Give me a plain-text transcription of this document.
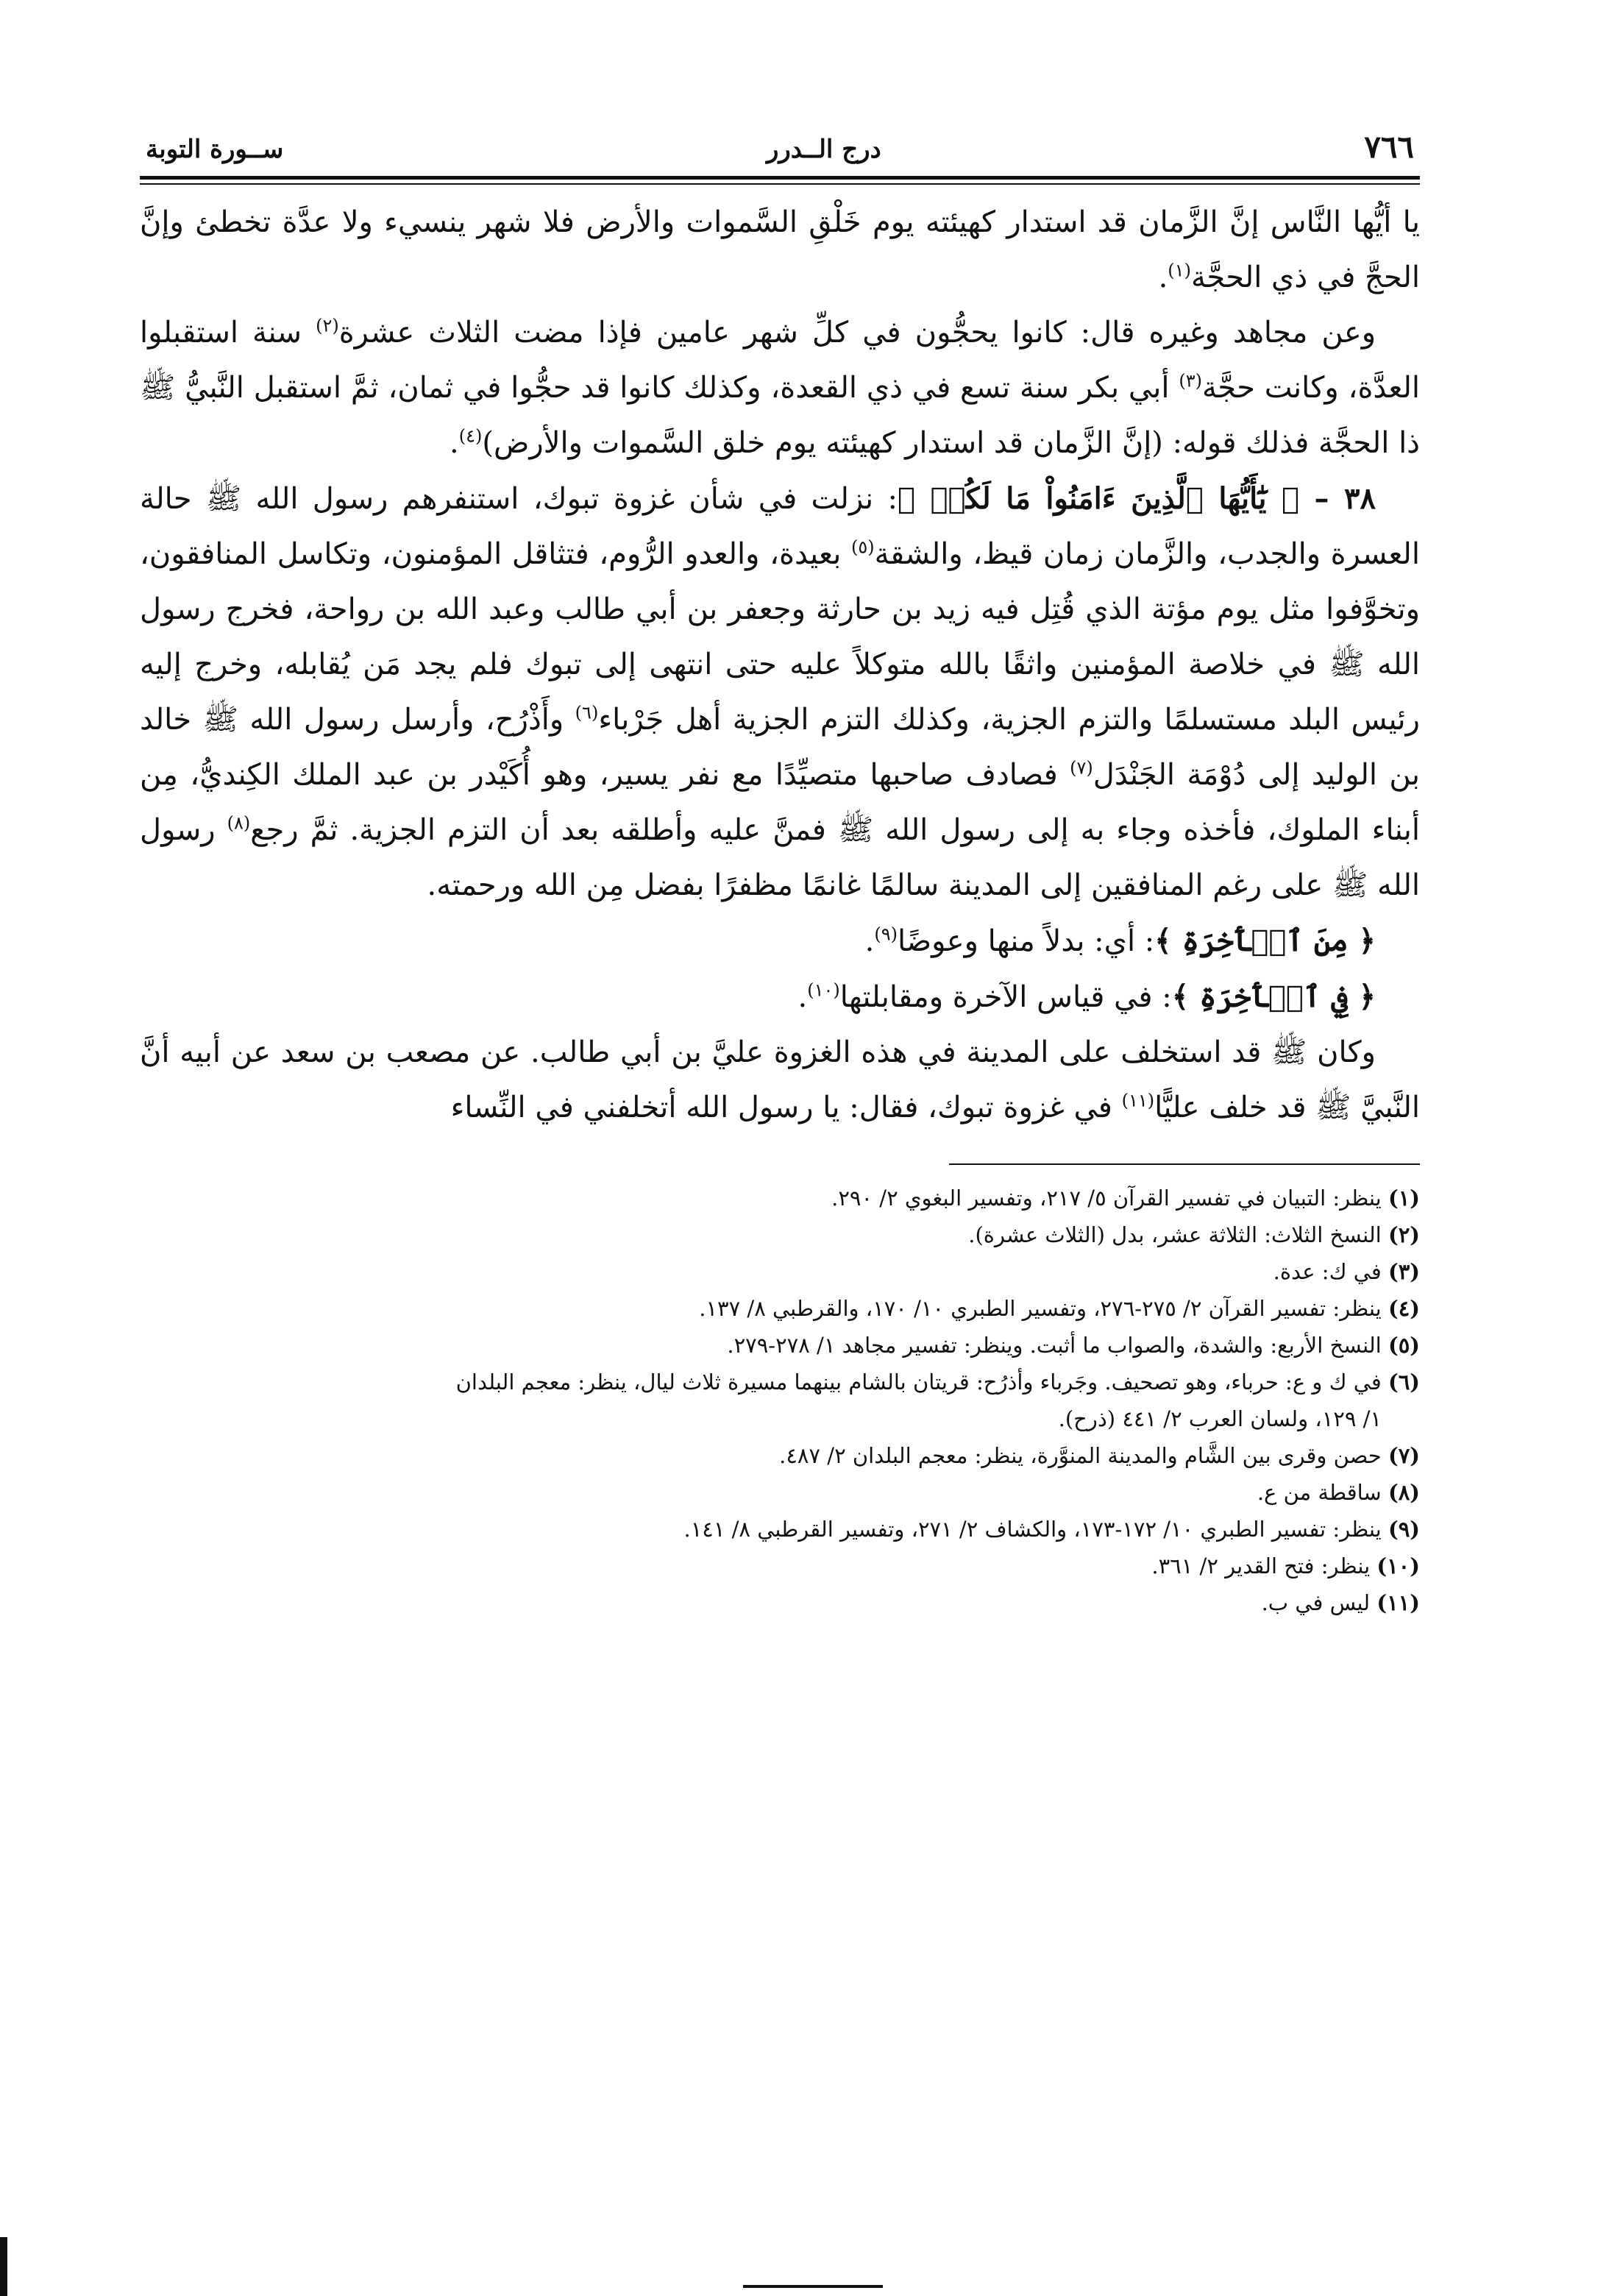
٧٦٦
درج الــدرر
ســورة التوبة

يا أيُّها النَّاس إنَّ الزَّمان قد استدار كهيئته يوم خَلْقِ السَّموات والأرض فلا شهر ينسيء ولا عدَّة تخطئ وإنَّ الحجَّ في ذي الحجَّة$^{(١)}$.

وعن مجاهد وغيره قال: كانوا يحجُّون في كلِّ شهر عامين فإذا مضت الثلاث عشرة$^{(٢)}$ سنة استقبلوا العدَّة، وكانت حجَّة$^{(٣)}$ أبي بكر سنة تسع في ذي القعدة، وكذلك كانوا قد حجُّوا في ثمان، ثمَّ استقبل النَّبيُّ ﷺ ذا الحجَّة فذلك قوله: (إنَّ الزَّمان قد استدار كهيئته يوم خلق السَّموات والأرض)$^{(٤)}$.

٣٨ – ﴿ يَٰٓأَيُّهَا ٱلَّذِينَ ءَامَنُواْ مَا لَكُمۡ ﴾: نزلت في شأن غزوة تبوك، استنفرهم رسول الله ﷺ حالة العسرة والجدب، والزَّمان زمان قيظ، والشقة$^{(٥)}$ بعيدة، والعدو الرُّوم، فتثاقل المؤمنون، وتكاسل المنافقون، وتخوَّفوا مثل يوم مؤتة الذي قُتِل فيه زيد بن حارثة وجعفر بن أبي طالب وعبد الله بن رواحة، فخرج رسول الله ﷺ في خلاصة المؤمنين واثقًا بالله متوكلاً عليه حتى انتهى إلى تبوك فلم يجد مَن يُقابله، وخرج إليه رئيس البلد مستسلمًا والتزم الجزية، وكذلك التزم الجزية أهل جَرْباء$^{(٦)}$ وأَذْرُح، وأرسل رسول الله ﷺ خالد بن الوليد إلى دُوْمَة الجَنْدَل$^{(٧)}$ فصادف صاحبها متصيِّدًا مع نفر يسير، وهو أُكَيْدر بن عبد الملك الكِنديُّ، مِن أبناء الملوك، فأخذه وجاء به إلى رسول الله ﷺ فمنَّ عليه وأطلقه بعد أن التزم الجزية. ثمَّ رجع$^{(٨)}$ رسول الله ﷺ على رغم المنافقين إلى المدينة سالمًا غانمًا مظفرًا بفضل مِن الله ورحمته.

﴿ مِنَ ٱلۡأٓخِرَةِ ﴾: أي: بدلاً منها وعوضًا$^{(٩)}$.

﴿ فِي ٱلۡأٓخِرَةِ ﴾: في قياس الآخرة ومقابلتها$^{(١٠)}$.

وكان ﷺ قد استخلف على المدينة في هذه الغزوة عليَّ بن أبي طالب. عن مصعب بن سعد عن أبيه أنَّ النَّبيَّ ﷺ قد خلف عليًّا$^{(١١)}$ في غزوة تبوك، فقال: يا رسول الله أتخلفني في النِّساء

(١) ينظر: التبيان في تفسير القرآن ٥/ ٢١٧، وتفسير البغوي ٢/ ٢٩٠.
(٢) النسخ الثلاث: الثلاثة عشر، بدل (الثلاث عشرة).
(٣) في ك: عدة.
(٤) ينظر: تفسير القرآن ٢/ ٢٧٥-٢٧٦، وتفسير الطبري ١٠/ ١٧٠، والقرطبي ٨/ ١٣٧.
(٥) النسخ الأربع: والشدة، والصواب ما أثبت. وينظر: تفسير مجاهد ١/ ٢٧٨-٢٧٩.
(٦) في ك و ع: حرباء، وهو تصحيف. وجَرباء وأذرُح: قريتان بالشام بينهما مسيرة ثلاث ليال، ينظر: معجم البلدان
١/ ١٢٩، ولسان العرب ٢/ ٤٤١ (ذرح).
(٧) حصن وقرى بين الشَّام والمدينة المنوَّرة، ينظر: معجم البلدان ٢/ ٤٨٧.
(٨) ساقطة من ع.
(٩) ينظر: تفسير الطبري ١٠/ ١٧٢-١٧٣، والكشاف ٢/ ٢٧١، وتفسير القرطبي ٨/ ١٤١.
(١٠) ينظر: فتح القدير ٢/ ٣٦١.
(١١) ليس في ب.
